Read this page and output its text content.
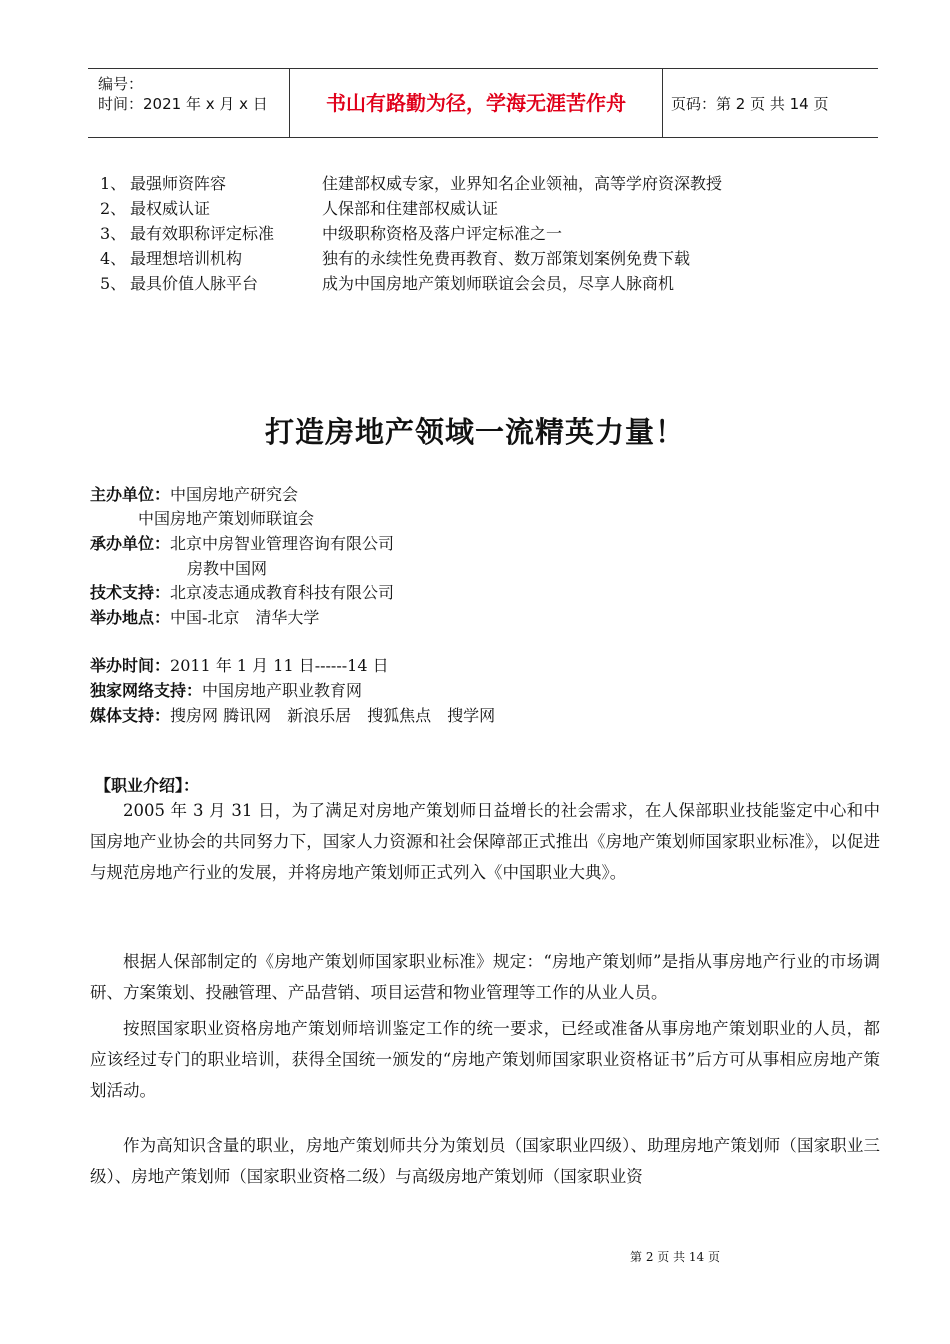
编号：
时间：2021 年 x 月 x 日	书山有路勤为径，学海无涯苦作舟	页码：第 2 页 共 14 页
1、 最强师资阵容	住建部权威专家，业界知名企业领袖，高等学府资深教授
2、 最权威认证	人保部和住建部权威认证
3、 最有效职称评定标准	中级职称资格及落户评定标准之一
4、 最理想培训机构	独有的永续性免费再教育、数万部策划案例免费下载
5、 最具价值人脉平台	成为中国房地产策划师联谊会会员，尽享人脉商机
打造房地产领域一流精英力量！
主办单位：中国房地产研究会
中国房地产策划师联谊会
承办单位：北京中房智业管理咨询有限公司
房教中国网
技术支持：北京凌志通成教育科技有限公司
举办地点：中国-北京　清华大学
举办时间：2011 年 1 月 11 日------14 日
独家网络支持：中国房地产职业教育网
媒体支持：搜房网 腾讯网　新浪乐居　搜狐焦点　搜学网
【职业介绍】：
2005 年 3 月 31 日，为了满足对房地产策划师日益增长的社会需求，在人保部职业技能鉴定中心和中国房地产业协会的共同努力下，国家人力资源和社会保障部正式推出《房地产策划师国家职业标准》，以促进与规范房地产行业的发展，并将房地产策划师正式列入《中国职业大典》。
根据人保部制定的《房地产策划师国家职业标准》规定：“房地产策划师”是指从事房地产行业的市场调研、方案策划、投融管理、产品营销、项目运营和物业管理等工作的从业人员。
按照国家职业资格房地产策划师培训鉴定工作的统一要求，已经或准备从事房地产策划职业的人员，都应该经过专门的职业培训，获得全国统一颁发的“房地产策划师国家职业资格证书”后方可从事相应房地产策划活动。
作为高知识含量的职业，房地产策划师共分为策划员（国家职业四级）、助理房地产策划师（国家职业三级）、房地产策划师（国家职业资格二级）与高级房地产策划师（国家职业资
第 2 页 共 14 页
